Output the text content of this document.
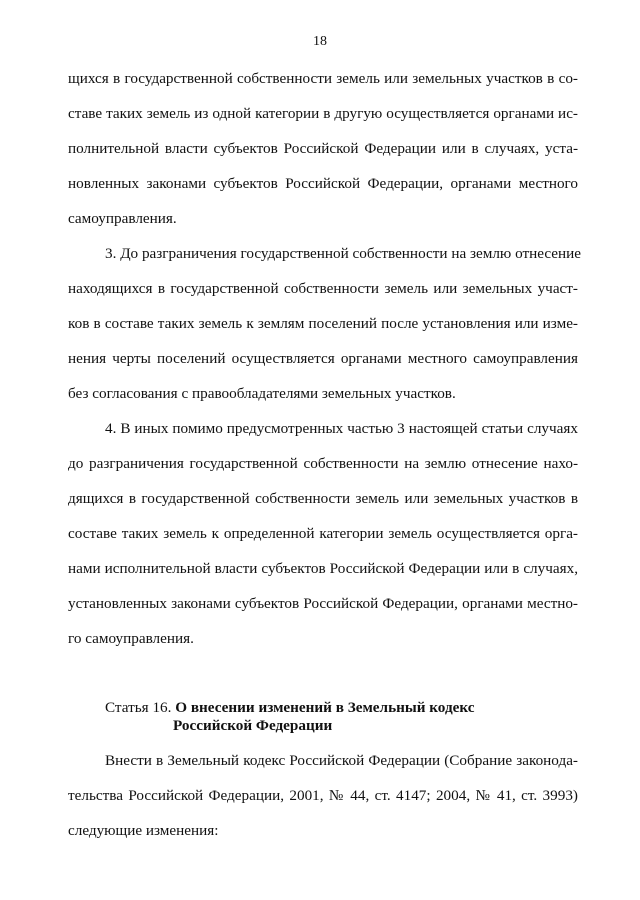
18
щихся в государственной собственности земель или земельных участков в со-
ставе таких земель из одной категории в другую осуществляется органами ис-
полнительной власти субъектов Российской Федерации или в случаях, уста-
новленных законами субъектов Российской Федерации, органами местного
самоуправления.
3. До разграничения государственной собственности на землю отнесение
находящихся в государственной собственности земель или земельных участ-
ков в составе таких земель к землям поселений после установления или изме-
нения черты поселений осуществляется органами местного самоуправления
без согласования с правообладателями земельных участков.
4. В иных помимо предусмотренных частью 3 настоящей статьи случаях
до разграничения государственной собственности на землю отнесение нахо-
дящихся в государственной собственности земель или земельных участков в
составе таких земель к определенной категории земель осуществляется орга-
нами исполнительной власти субъектов Российской Федерации или в случаях,
установленных законами субъектов Российской Федерации, органами местно-
го самоуправления.
Статья 16. О внесении изменений в Земельный кодекс
Российской Федерации
Внести в Земельный кодекс Российской Федерации (Собрание законода-
тельства Российской Федерации, 2001, № 44, ст. 4147; 2004, № 41, ст. 3993)
следующие изменения:
